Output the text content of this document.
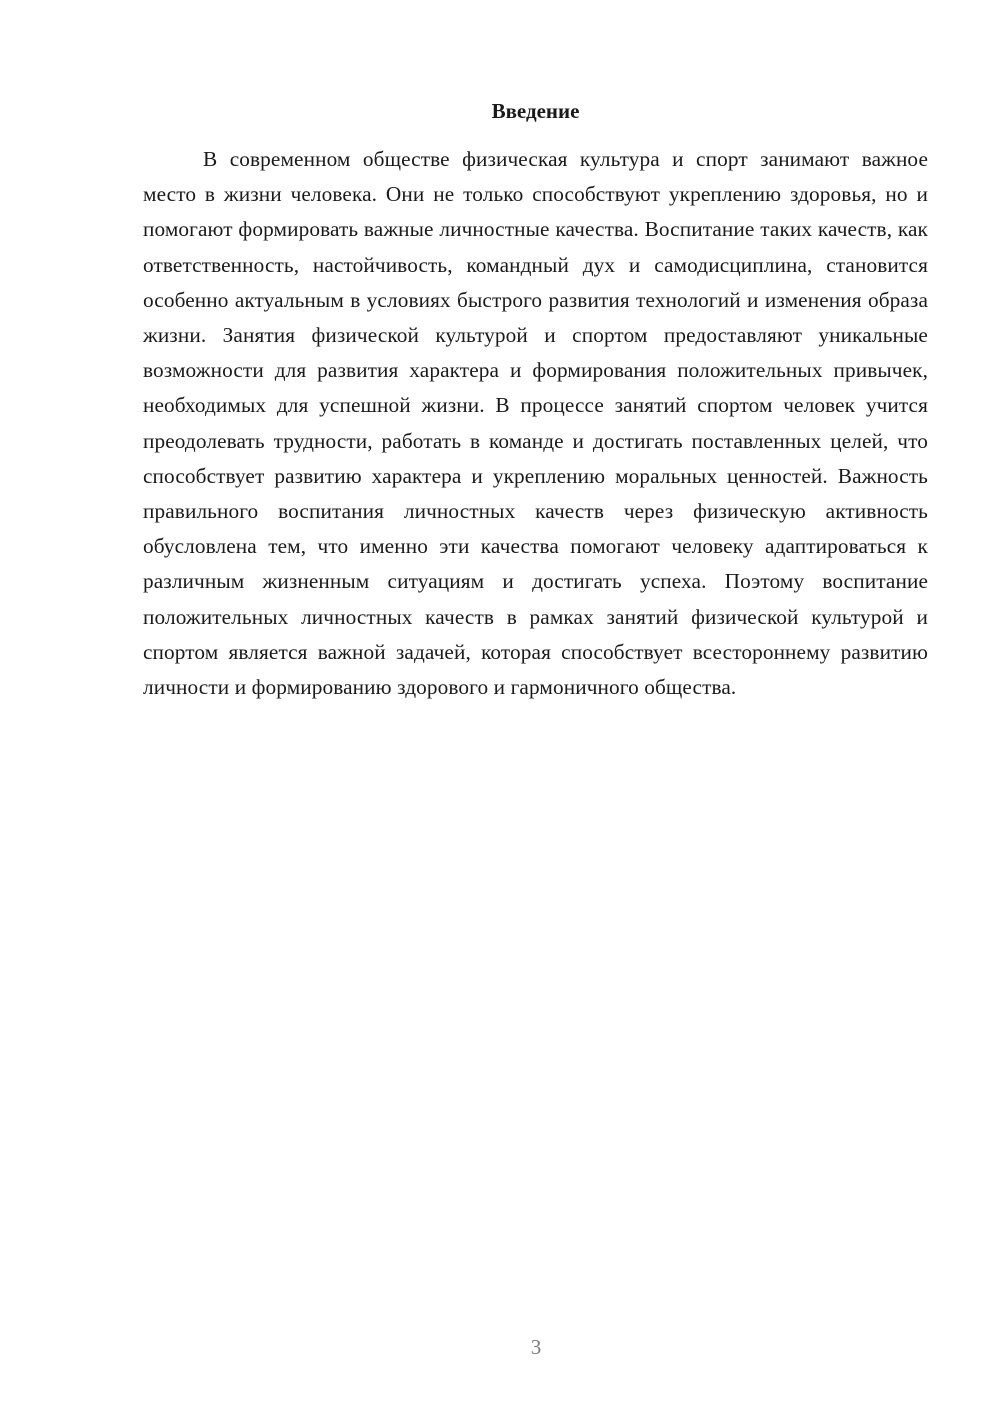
Введение

В современном обществе физическая культура и спорт занимают важное место в жизни человека. Они не только способствуют укреплению здоровья, но и помогают формировать важные личностные качества. Воспитание таких качеств, как ответственность, настойчивость, командный дух и самодисциплина, становится особенно актуальным в условиях быстрого развития технологий и изменения образа жизни. Занятия физической культурой и спортом предоставляют уникальные возможности для развития характера и формирования положительных привычек, необходимых для успешной жизни. В процессе занятий спортом человек учится преодолевать трудности, работать в команде и достигать поставленных целей, что способствует развитию характера и укреплению моральных ценностей. Важность правильного воспитания личностных качеств через физическую активность обусловлена тем, что именно эти качества помогают человеку адаптироваться к различным жизненным ситуациям и достигать успеха. Поэтому воспитание положительных личностных качеств в рамках занятий физической культурой и спортом является важной задачей, которая способствует всестороннему развитию личности и формированию здорового и гармоничного общества.

3
